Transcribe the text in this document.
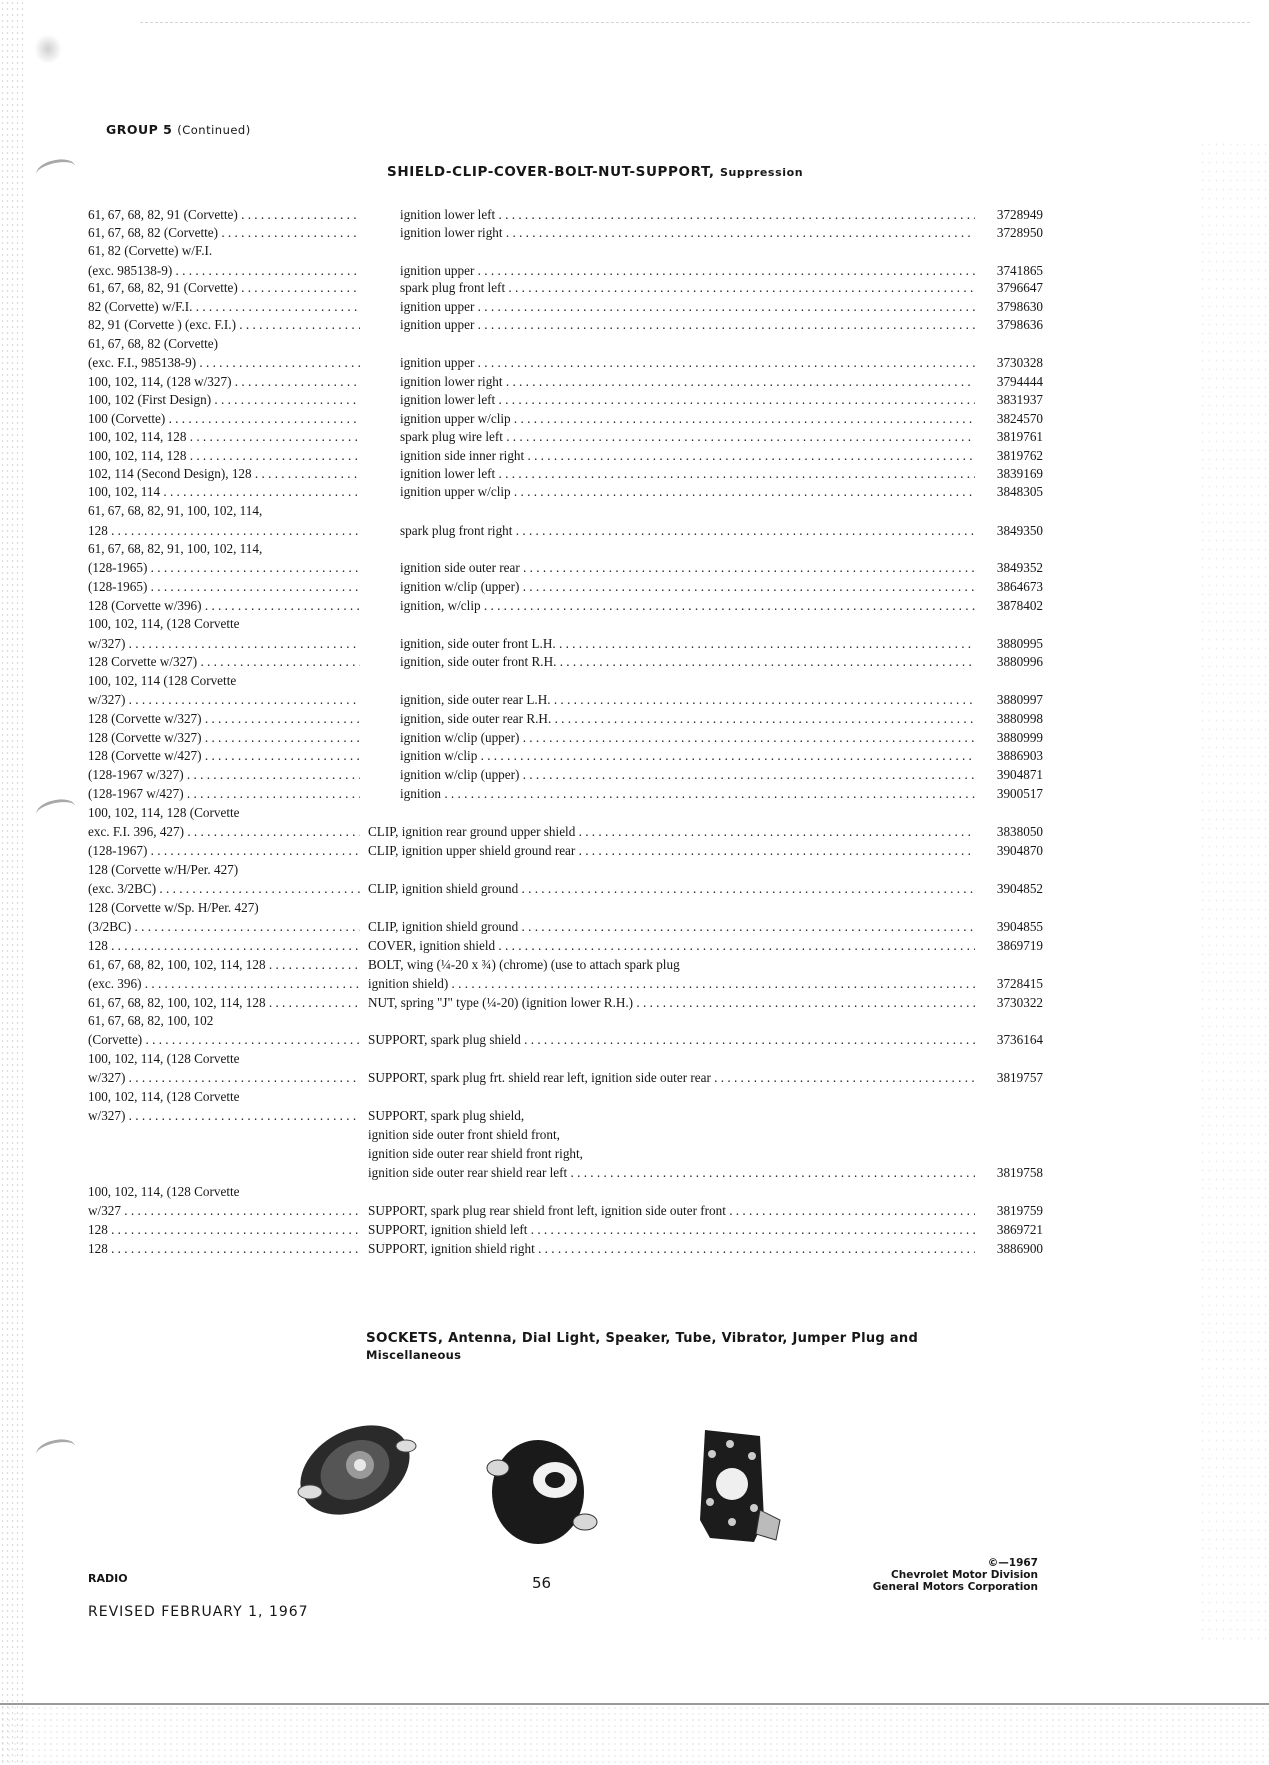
GROUP 5 (Continued)
SHIELD-CLIP-COVER-BOLT-NUT-SUPPORT, Suppression
61, 67, 68, 82, 91 (Corvette) . . .	ignition lower left . . .	3728949
61, 67, 68, 82 (Corvette) . . .	ignition lower right . . .	3728950
61, 82 (Corvette) w/F.I.
(exc. 985138-9) . . .	ignition upper . . .	3741865
61, 67, 68, 82, 91 (Corvette) . . .	spark plug front left . . .	3796647
82 (Corvette) w/F.I. . . .	ignition upper . . .	3798630
82, 91 (Corvette ) (exc. F.I.) . . .	ignition upper . . .	3798636
61, 67, 68, 82 (Corvette)
(exc. F.I., 985138-9) . . .	ignition upper . . .	3730328
100, 102, 114, (128 w/327) . . .	ignition lower right . . .	3794444
100, 102 (First Design) . . .	ignition lower left . . .	3831937
100 (Corvette) . . .	ignition upper w/clip . . .	3824570
100, 102, 114, 128 . . .	spark plug wire left . . .	3819761
100, 102, 114, 128 . . .	ignition side inner right . . .	3819762
102, 114 (Second Design), 128 . . .	ignition lower left . . .	3839169
100, 102, 114 . . .	ignition upper w/clip . . .	3848305
61, 67, 68, 82, 91, 100, 102, 114,
128 . . .	spark plug front right . . .	3849350
61, 67, 68, 82, 91, 100, 102, 114,
(128-1965) . . .	ignition side outer rear . . .	3849352
(128-1965) . . .	ignition w/clip (upper) . . .	3864673
128 (Corvette w/396) . . .	ignition, w/clip . . .	3878402
100, 102, 114, (128 Corvette
w/327) . . .	ignition, side outer front L.H. . . .	3880995
128 Corvette w/327) . . .	ignition, side outer front R.H. . . .	3880996
100, 102, 114 (128 Corvette
w/327) . . .	ignition, side outer rear L.H. . . .	3880997
128 (Corvette w/327) . . .	ignition, side outer rear R.H. . . .	3880998
128 (Corvette w/327) . . .	ignition w/clip (upper) . . .	3880999
128 (Corvette w/427) . . .	ignition w/clip . . .	3886903
(128-1967 w/327) . . .	ignition w/clip (upper) . . .	3904871
(128-1967 w/427) . . .	ignition . . .	3900517
100, 102, 114, 128 (Corvette
exc. F.I. 396, 427) . . .	CLIP, ignition rear ground upper shield . . .	3838050
(128-1967) . . .	CLIP, ignition upper shield ground rear . . .	3904870
128 (Corvette w/H/Per. 427)
(exc. 3/2BC) . . .	CLIP, ignition shield ground . . .	3904852
128 (Corvette w/Sp. H/Per. 427)
(3/2BC) . . .	CLIP, ignition shield ground . . .	3904855
128 . . .	COVER, ignition shield . . .	3869719
61, 67, 68, 82, 100, 102, 114, 128 . . .	BOLT, wing (¼-20 x ¾) (chrome) (use to attach spark plug
(exc. 396) . . .	ignition shield) . . .	3728415
61, 67, 68, 82, 100, 102, 114, 128 . . .	NUT, spring "J" type (¼-20) (ignition lower R.H.) . . .	3730322
61, 67, 68, 82, 100, 102
(Corvette) . . .	SUPPORT, spark plug shield . . .	3736164
100, 102, 114, (128 Corvette
w/327) . . .	SUPPORT, spark plug frt. shield rear left, ignition side outer rear . . .	3819757
100, 102, 114, (128 Corvette
w/327) . . .	SUPPORT, spark plug shield,
ignition side outer front shield front,
ignition side outer rear shield front right,
ignition side outer rear shield rear left . . .	3819758
100, 102, 114, (128 Corvette
w/327 . . .	SUPPORT, spark plug rear shield front left, ignition side outer front . . .	3819759
128 . . .	SUPPORT, ignition shield left . . .	3869721
128 . . .	SUPPORT, ignition shield right . . .	3886900
SOCKETS, Antenna, Dial Light, Speaker, Tube, Vibrator, Jumper Plug and
Miscellaneous
RADIO	56
REVISED FEBRUARY 1, 1967
©—1967
Chevrolet Motor Division
General Motors Corporation
